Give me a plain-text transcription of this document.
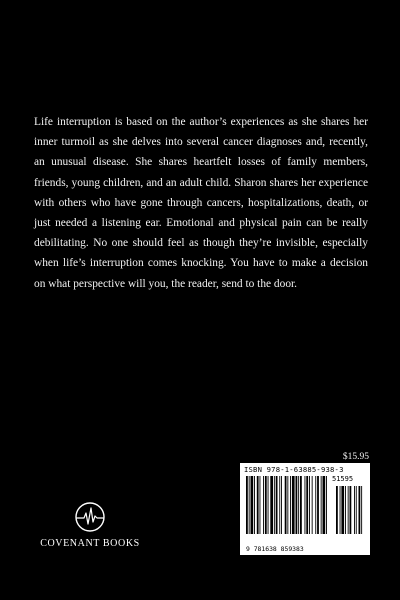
Life interruption is based on the author’s experiences as she shares her inner turmoil as she delves into several cancer diagnoses and, recently, an unusual disease. She shares heartfelt losses of family members, friends, young children, and an adult child. Sharon shares her experience with others who have gone through cancers, hospitalizations, death, or just needed a listening ear. Emotional and physical pain can be really debilitating. No one should feel as though they’re invisible, especially when life’s interruption comes knocking. You have to make a decision on what perspective will you, the reader, send to the door.

$15.95
ISBN 978-1-63885-938-3
51595
9 781638 859383
COVENANT BOOKS
